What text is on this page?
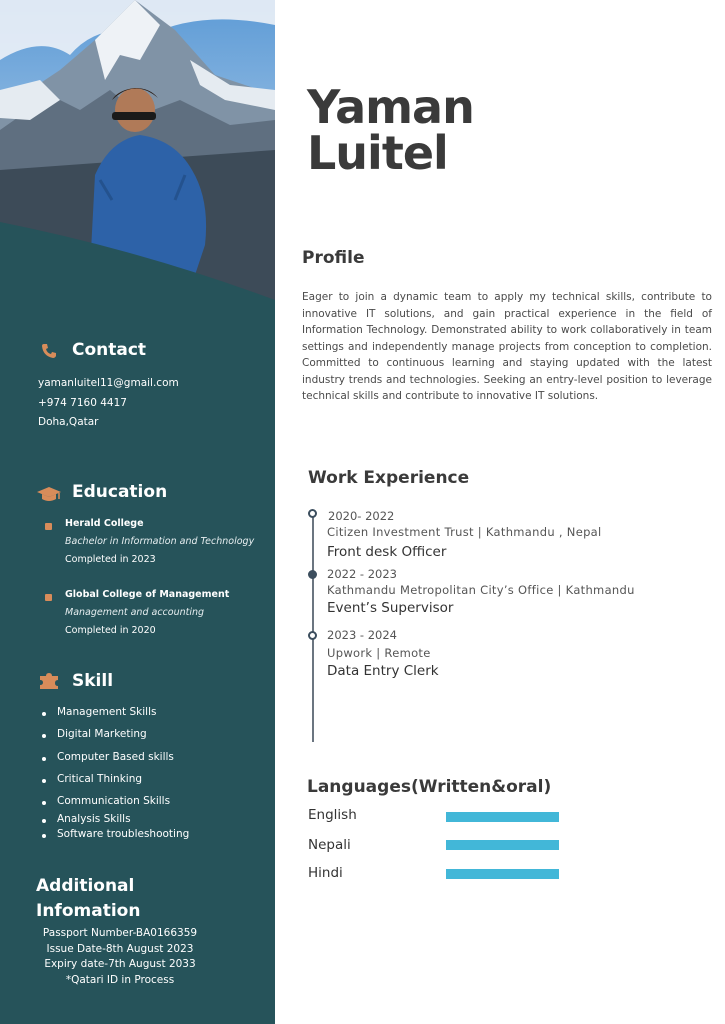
Contact
yamanluitel11@gmail.com
+974 7160 4417
Doha,Qatar
Education
Herald College
Bachelor in Information and Technology
Completed in 2023
Global College of Management
Management and accounting
Completed in 2020
Skill
Management Skills
Digital Marketing
Computer Based skills
Critical Thinking
Communication Skills
Analysis Skills
Software troubleshooting
Additional
Infomation
Passport Number-BA0166359
Issue Date-8th August 2023
Expiry date-7th August 2033
*Qatari ID in Process
Yaman
Luitel
Profile
Eager to join a dynamic team to apply my technical skills, contribute to innovative IT solutions, and gain practical experience in the field of Information Technology. Demonstrated ability to work collaboratively in team settings and independently manage projects from conception to completion. Committed to continuous learning and staying updated with the latest industry trends and technologies. Seeking an entry-level position to leverage technical skills and contribute to innovative IT solutions.
Work Experience
2020- 2022
Citizen Investment Trust | Kathmandu , Nepal
Front desk Officer
2022 - 2023
Kathmandu Metropolitan City’s Office | Kathmandu
Event’s Supervisor
2023 - 2024
Upwork | Remote
Data Entry Clerk
Languages(Written&oral)
English
Nepali
Hindi
